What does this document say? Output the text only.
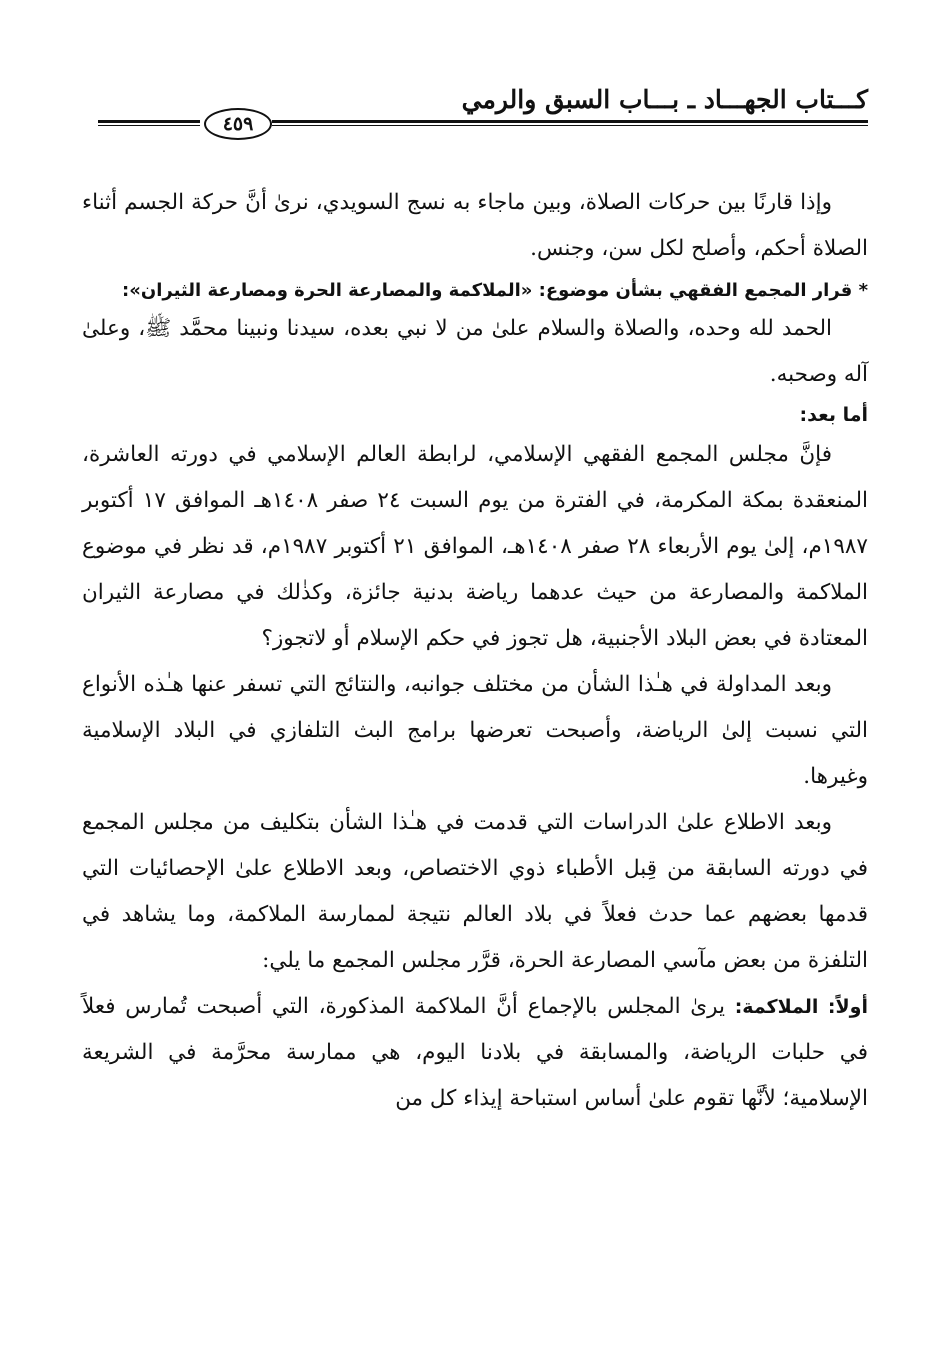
كـــتاب الجهـــاد ـ بـــاب السبق والرمي
٤٥٩

وإذا قارنًا بين حركات الصلاة، وبين ماجاء به نسج السويدي، نرىٰ أنَّ حركة الجسم أثناء الصلاة أحكم، وأصلح لكل سن، وجنس.

* قرار المجمع الفقهي بشأن موضوع: «الملاكمة والمصارعة الحرة ومصارعة الثيران»:

الحمد لله وحده، والصلاة والسلام علىٰ من لا نبي بعده، سيدنا ونبينا محمَّد ﷺ، وعلىٰ آله وصحبه.

أما بعد:

فإنَّ مجلس المجمع الفقهي الإسلامي، لرابطة العالم الإسلامي في دورته العاشرة، المنعقدة بمكة المكرمة، في الفترة من يوم السبت ٢٤ صفر ١٤٠٨هـ الموافق ١٧ أكتوبر ١٩٨٧م، إلىٰ يوم الأربعاء ٢٨ صفر ١٤٠٨هـ، الموافق ٢١ أكتوبر ١٩٨٧م، قد نظر في موضوع الملاكمة والمصارعة من حيث عدهما رياضة بدنية جائزة، وكذٰلك في مصارعة الثيران المعتادة في بعض البلاد الأجنبية، هل تجوز في حكم الإسلام أو لاتجوز؟

وبعد المداولة في هـٰذا الشأن من مختلف جوانبه، والنتائج التي تسفر عنها هـٰذه الأنواع التي نسبت إلىٰ الرياضة، وأصبحت تعرضها برامج البث التلفازي في البلاد الإسلامية وغيرها.

وبعد الاطلاع علىٰ الدراسات التي قدمت في هـٰذا الشأن بتكليف من مجلس المجمع في دورته السابقة من قِبل الأطباء ذوي الاختصاص، وبعد الاطلاع علىٰ الإحصائيات التي قدمها بعضهم عما حدث فعلاً في بلاد العالم نتيجة لممارسة الملاكمة، وما يشاهد في التلفزة من بعض مآسي المصارعة الحرة، قرَّر مجلس المجمع ما يلي:

أولاً: الملاكمة: يرىٰ المجلس بالإجماع أنَّ الملاكمة المذكورة، التي أصبحت تُمارس فعلاً في حلبات الرياضة، والمسابقة في بلادنا اليوم، هي ممارسة محرَّمة في الشريعة الإسلامية؛ لأنَّها تقوم علىٰ أساس استباحة إيذاء كل من
